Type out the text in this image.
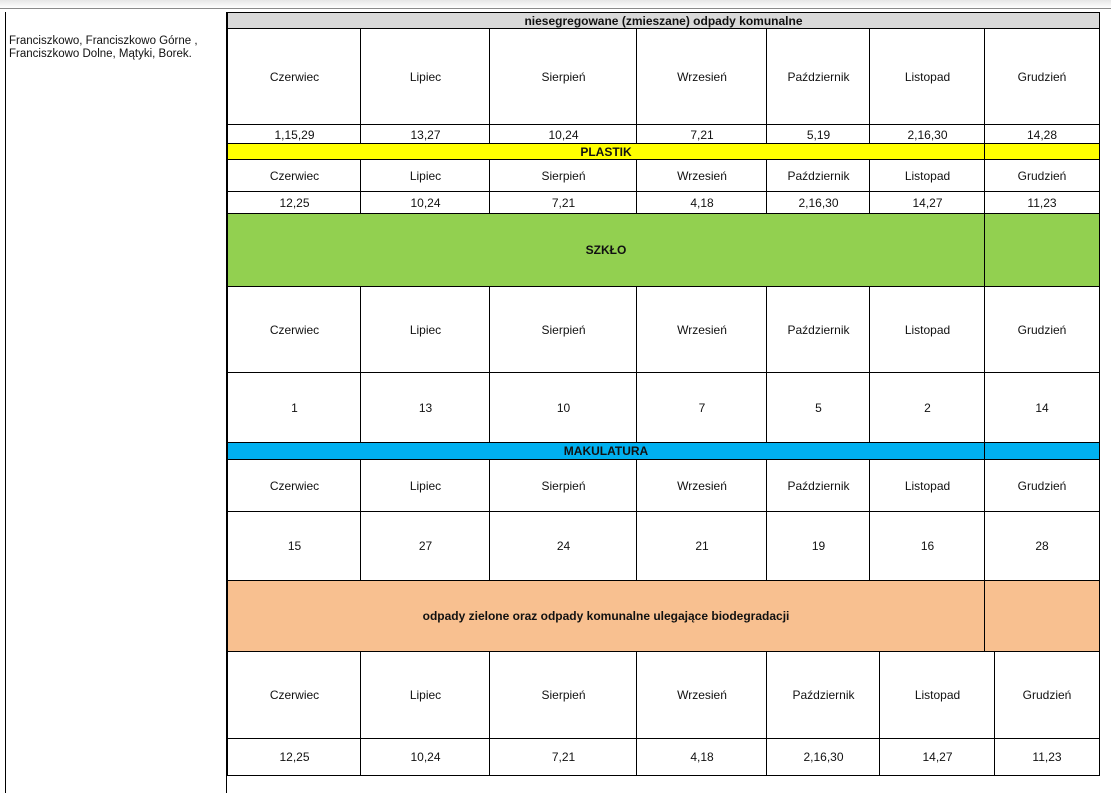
Franciszkowo, Franciszkowo Górne , Franciszkowo Dolne, Mątyki, Borek.
niesegregowane (zmieszane) odpady komunalne
Czerwiec	Lipiec	Sierpień	Wrzesień	Październik	Listopad	Grudzień
1,15,29	13,27	10,24	7,21	5,19	2,16,30	14,28
PLASTIK
Czerwiec	Lipiec	Sierpień	Wrzesień	Październik	Listopad	Grudzień
12,25	10,24	7,21	4,18	2,16,30	14,27	11,23
SZKŁO
Czerwiec	Lipiec	Sierpień	Wrzesień	Październik	Listopad	Grudzień
1	13	10	7	5	2	14
MAKULATURA
Czerwiec	Lipiec	Sierpień	Wrzesień	Październik	Listopad	Grudzień
15	27	24	21	19	16	28
odpady zielone oraz odpady komunalne ulegające biodegradacji
Czerwiec	Lipiec	Sierpień	Wrzesień	Październik	Listopad	Grudzień
12,25	10,24	7,21	4,18	2,16,30	14,27	11,23
